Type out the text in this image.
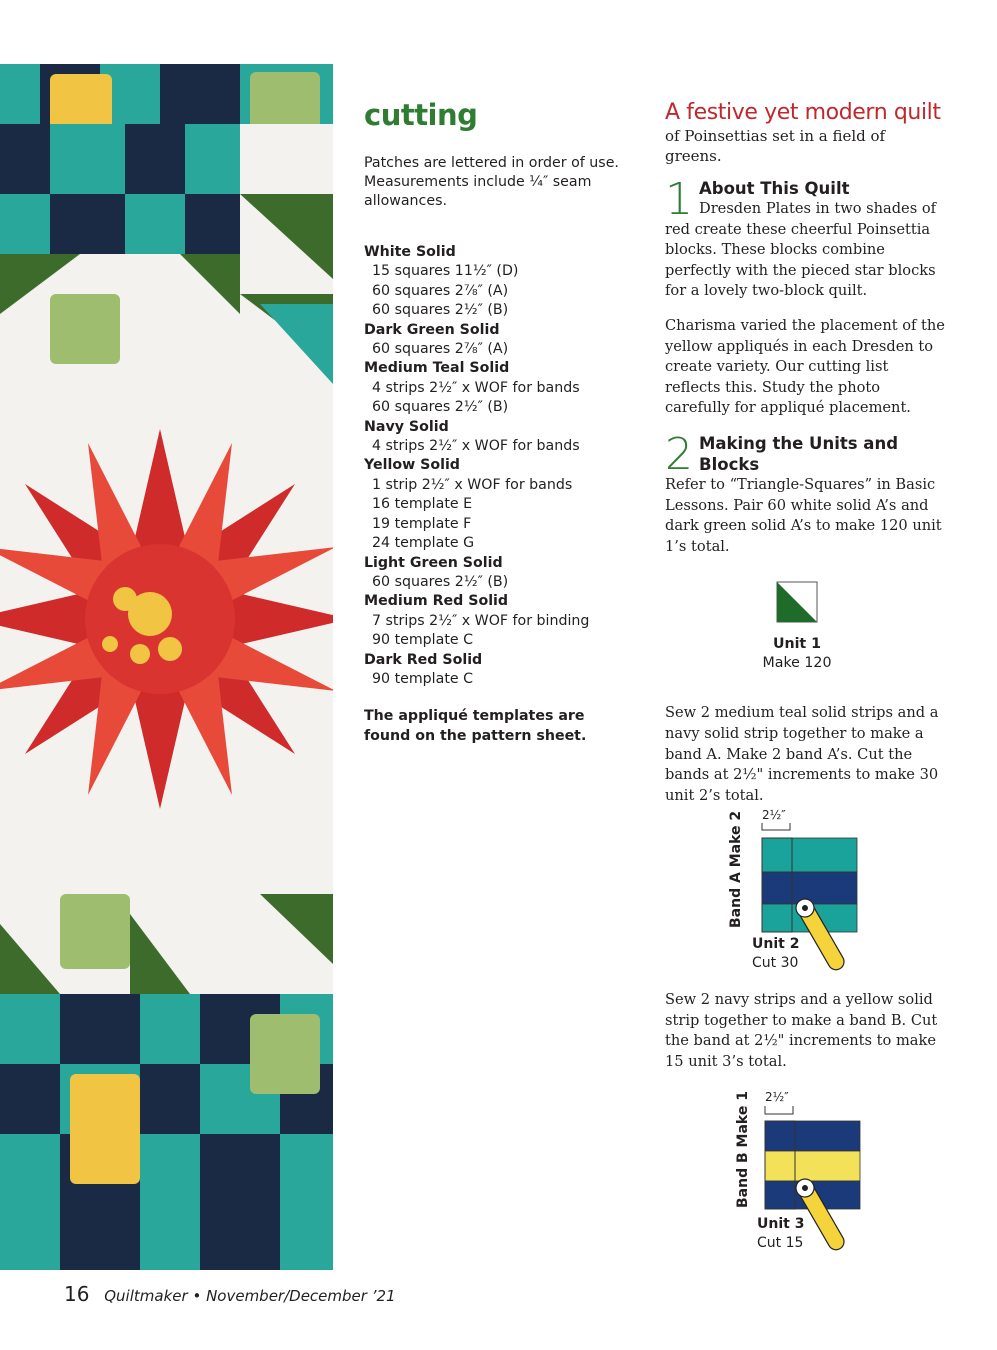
cutting

Patches are lettered in order of use. Measurements include ¼″ seam allowances.

White Solid
15 squares 11½″ (D)
60 squares 2⅞″ (A)
60 squares 2½″ (B)
Dark Green Solid
60 squares 2⅞″ (A)
Medium Teal Solid
4 strips 2½″ x WOF for bands
60 squares 2½″ (B)
Navy Solid
4 strips 2½″ x WOF for bands
Yellow Solid
1 strip 2½″ x WOF for bands
16 template E
19 template F
24 template G
Light Green Solid
60 squares 2½″ (B)
Medium Red Solid
7 strips 2½″ x WOF for binding
90 template C
Dark Red Solid
90 template C

The appliqué templates are found on the pattern sheet.

A festive yet modern quilt
of Poinsettias set in a field of greens.
1 About This Quilt

Dresden Plates in two shades of red create these cheerful Poinsettia blocks. These blocks combine perfectly with the pieced star blocks for a lovely two-block quilt.

Charisma varied the placement of the yellow appliqués in each Dresden to create variety. Our cutting list reflects this. Study the photo carefully for appliqué placement.

2 Making the Units and Blocks

Refer to “Triangle-Squares” in Basic Lessons. Pair 60 white solid A’s and dark green solid A’s to make 120 unit 1’s total.

Unit 1
Make 120

Sew 2 medium teal solid strips and a navy solid strip together to make a band A. Make 2 band A’s. Cut the bands at 2½" increments to make 30 unit 2’s total.

Band A Make 2 2½″
Unit 2
Cut 30

Sew 2 navy strips and a yellow solid strip together to make a band B. Cut the band at 2½" increments to make 15 unit 3’s total.

Band B Make 1 2½″
Unit 3
Cut 15
16 Quiltmaker • November/December ’21
